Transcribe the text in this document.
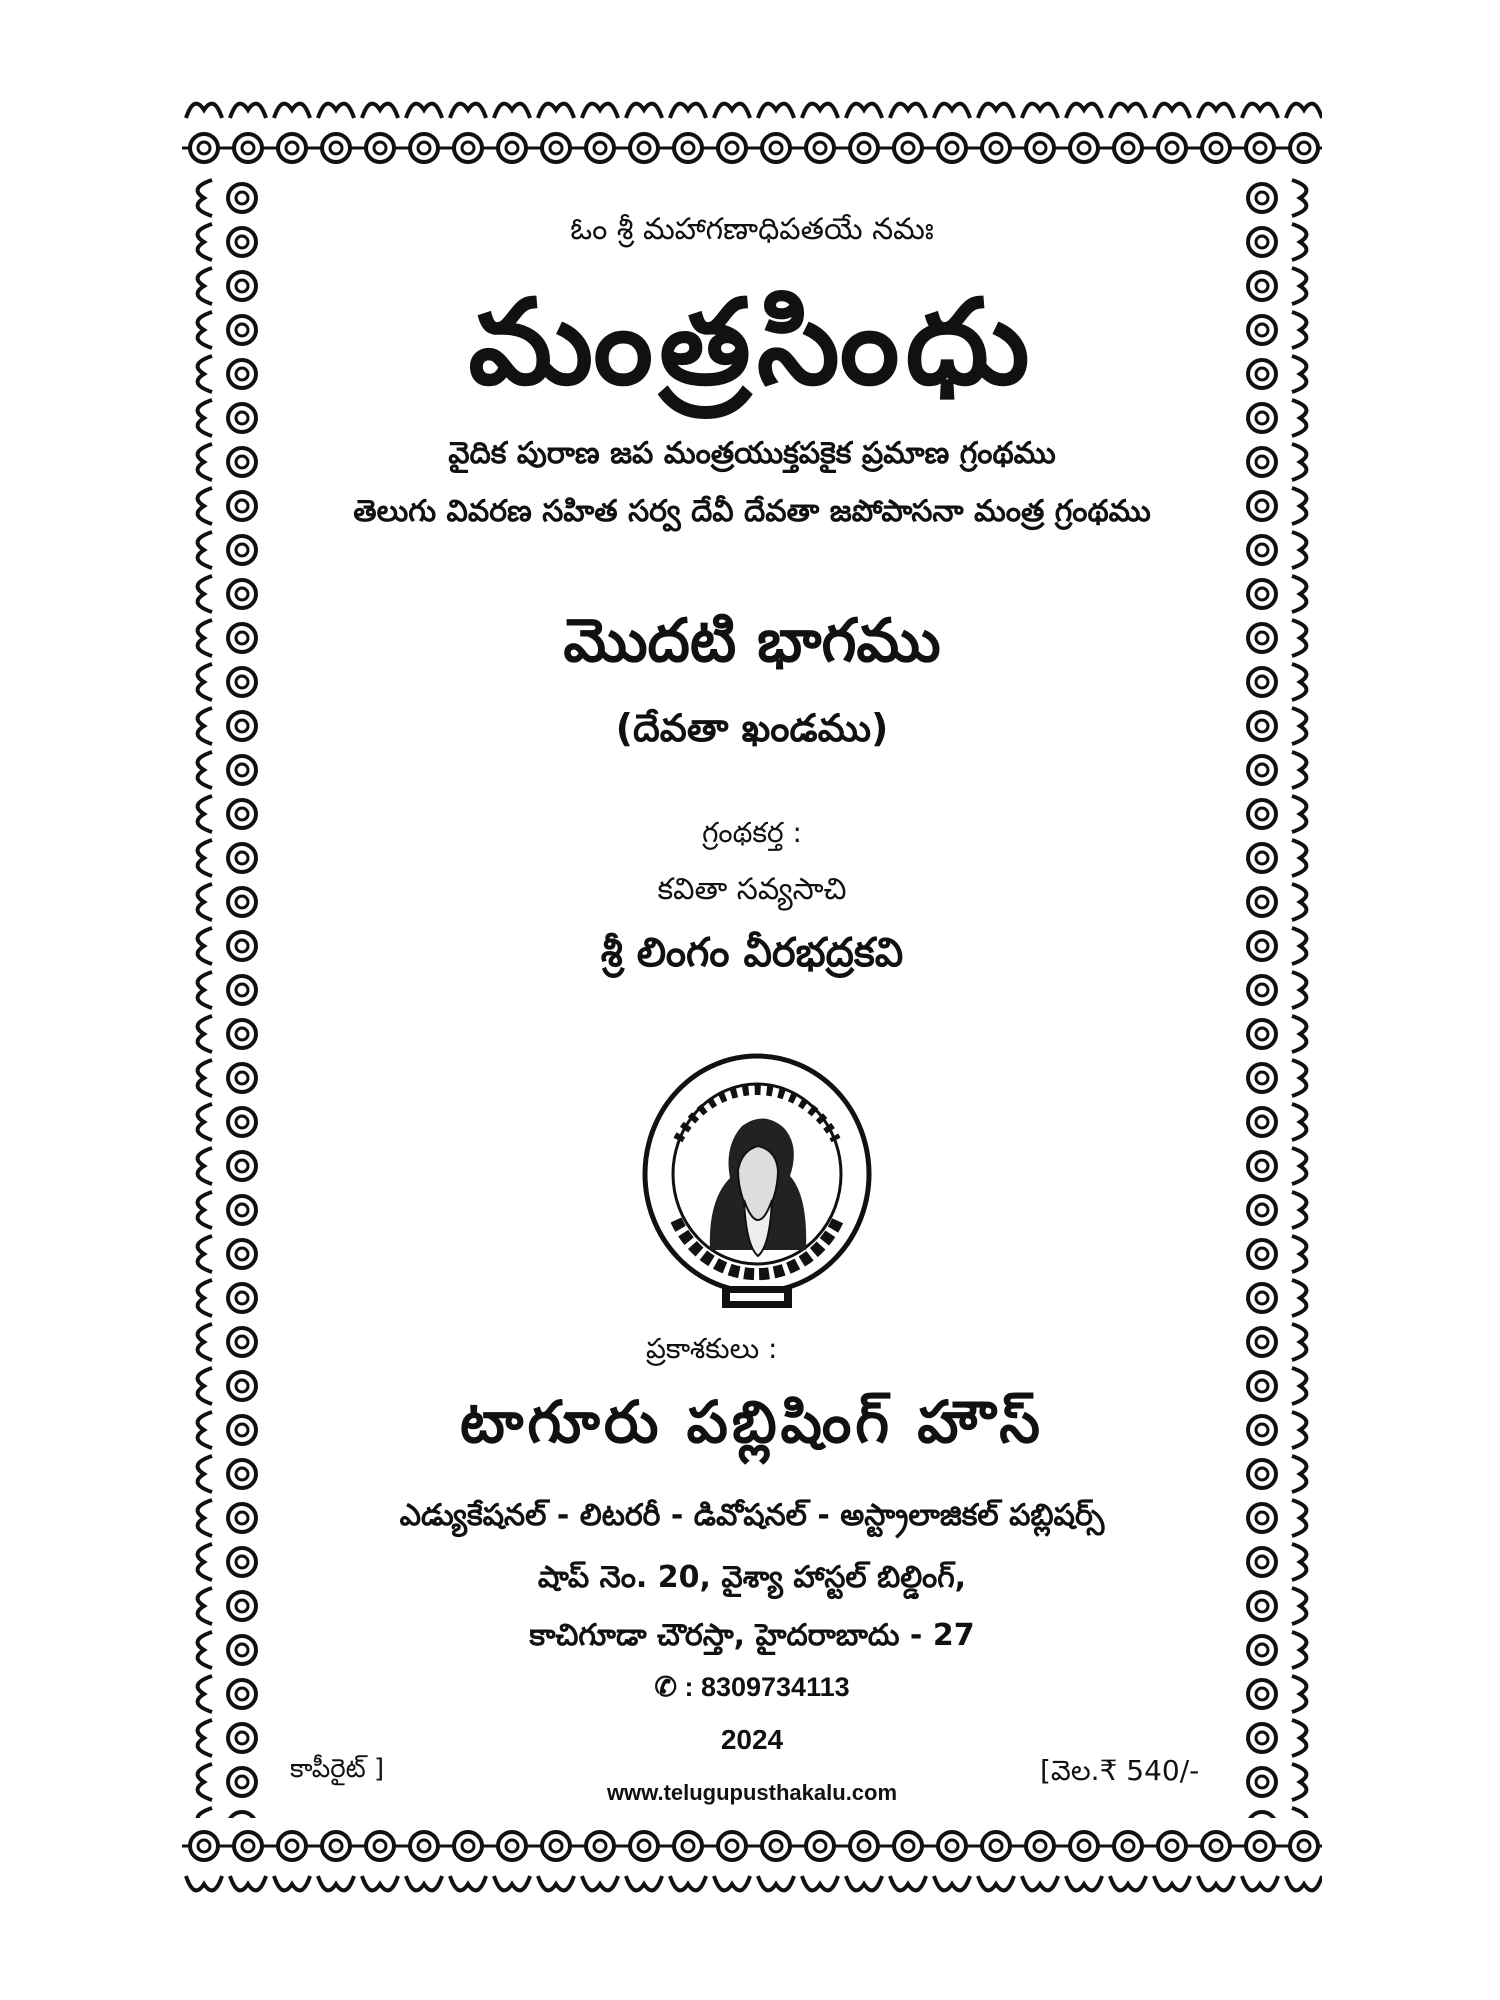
ఓం శ్రీ మహాగణాధిపతయే నమః
మంత్రసింధు
వైదిక పురాణ జప మంత్రయుక్తపకైక ప్రమాణ గ్రంథము
తెలుగు వివరణ సహిత సర్వ దేవీ దేవతా జపోపాసనా మంత్ర గ్రంథము
మొదటి భాగము
(దేవతా ఖండము)
గ్రంథకర్త :
కవితా సవ్యసాచి
శ్రీ లింగం వీరభద్రకవి
ప్రకాశకులు :
టాగూరు పబ్లిషింగ్ హౌస్
ఎడ్యుకేషనల్ - లిటరరీ - డివోషనల్ - అస్ట్రాలాజికల్ పబ్లిషర్స్
షాప్ నెం. 20, వైశ్యా హాస్టల్ బిల్డింగ్,
కాచిగూడా చౌరస్తా, హైదరాబాదు - 27
✆ : 8309734113
2024
www.telugupusthakalu.com
కాపీరైట్ ]	[వెల.₹ 540/-
